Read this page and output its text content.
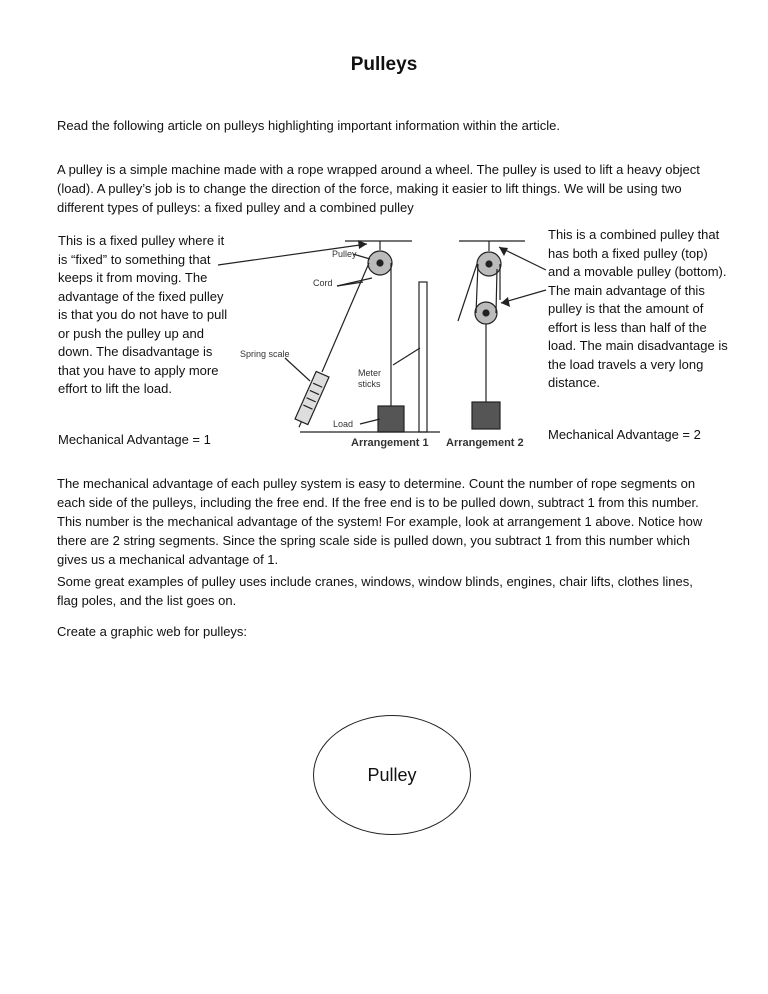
Pulleys
Read the following article on pulleys highlighting important information within the article.
A pulley is a simple machine made with a rope wrapped around a wheel. The pulley is used to lift a heavy object (load). A pulley’s job is to change the direction of the force, making it easier to lift things. We will be using two different types of pulleys: a fixed pulley and a combined pulley
This is a fixed pulley where it is “fixed” to something that keeps it from moving. The advantage of the fixed pulley is that you do not have to pull or push the pulley up and down. The disadvantage is that you have to apply more effort to lift the load.
This is a combined pulley that has both a fixed pulley (top) and a movable pulley (bottom). The main advantage of this pulley is that the amount of effort is less than half of the load. The main disadvantage is the load travels a very long distance.
Pulley
Cord
Spring scale
Meter sticks
Load
Arrangement 1 Arrangement 2
Mechanical Advantage = 1	Mechanical Advantage = 2
The mechanical advantage of each pulley system is easy to determine. Count the number of rope segments on each side of the pulleys, including the free end. If the free end is to be pulled down, subtract 1 from this number. This number is the mechanical advantage of the system! For example, look at arrangement 1 above. Notice how there are 2 string segments. Since the spring scale side is pulled down, you subtract 1 from this number which gives us a mechanical advantage of 1.
Some great examples of pulley uses include cranes, windows, window blinds, engines, chair lifts, clothes lines, flag poles, and the list goes on.
Create a graphic web for pulleys:
Pulley
